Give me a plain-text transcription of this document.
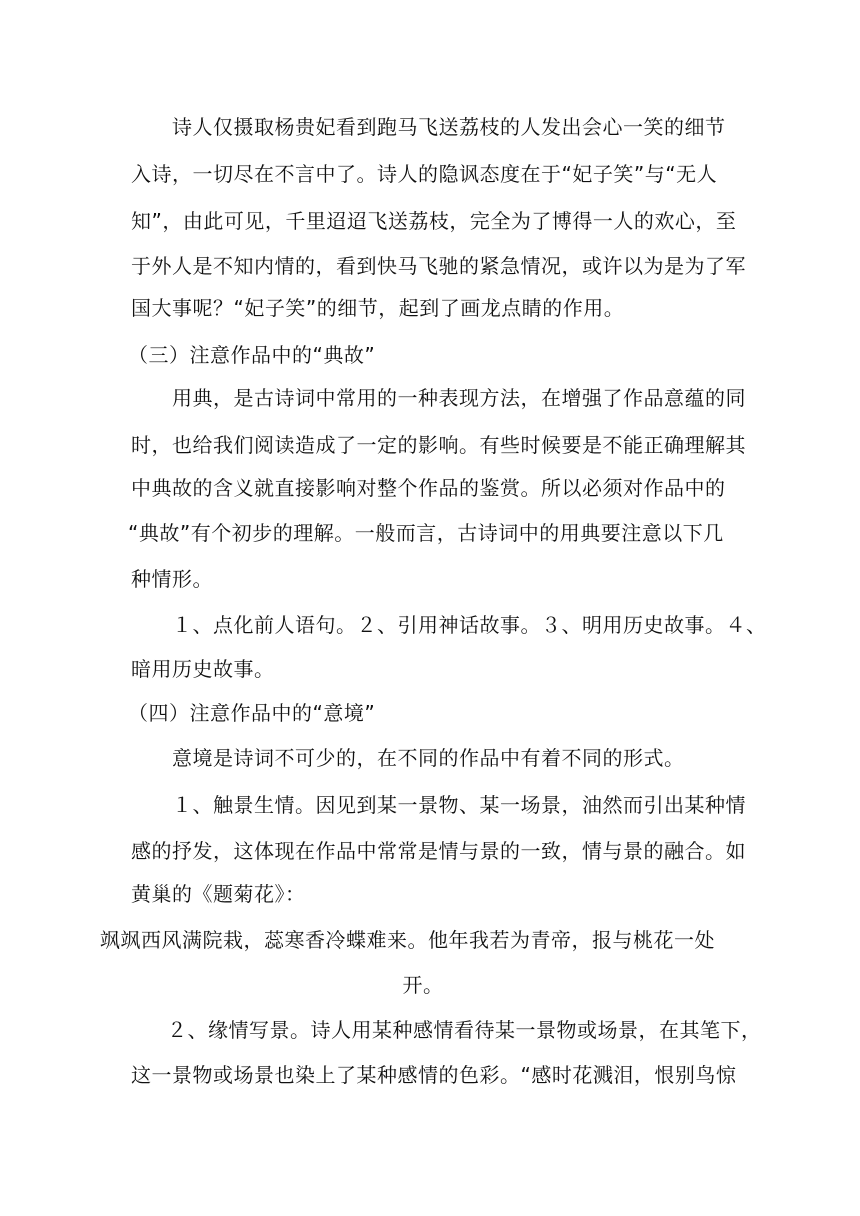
诗人仅摄取杨贵妃看到跑马飞送荔枝的人发出会心一笑的细节
入诗，一切尽在不言中了。诗人的隐讽态度在于“妃子笑”与“无人
知”，由此可见，千里迢迢飞送荔枝，完全为了博得一人的欢心，至
于外人是不知内情的，看到快马飞驰的紧急情况，或许以为是为了军
国大事呢？“妃子笑”的细节，起到了画龙点睛的作用。
（三）注意作品中的“典故”
用典，是古诗词中常用的一种表现方法，在增强了作品意蕴的同
时，也给我们阅读造成了一定的影响。有些时候要是不能正确理解其
中典故的含义就直接影响对整个作品的鉴赏。所以必须对作品中的
“典故”有个初步的理解。一般而言，古诗词中的用典要注意以下几
种情形。
１、点化前人语句。２、引用神话故事。３、明用历史故事。４、
暗用历史故事。
（四）注意作品中的“意境”
意境是诗词不可少的，在不同的作品中有着不同的形式。
１、触景生情。因见到某一景物、某一场景，油然而引出某种情
感的抒发，这体现在作品中常常是情与景的一致，情与景的融合。如
黄巢的《题菊花》：
飒飒西风满院栽，蕊寒香冷蝶难来。他年我若为青帝，报与桃花一处
开。
２、缘情写景。诗人用某种感情看待某一景物或场景，在其笔下，
这一景物或场景也染上了某种感情的色彩。“感时花溅泪，恨别鸟惊
